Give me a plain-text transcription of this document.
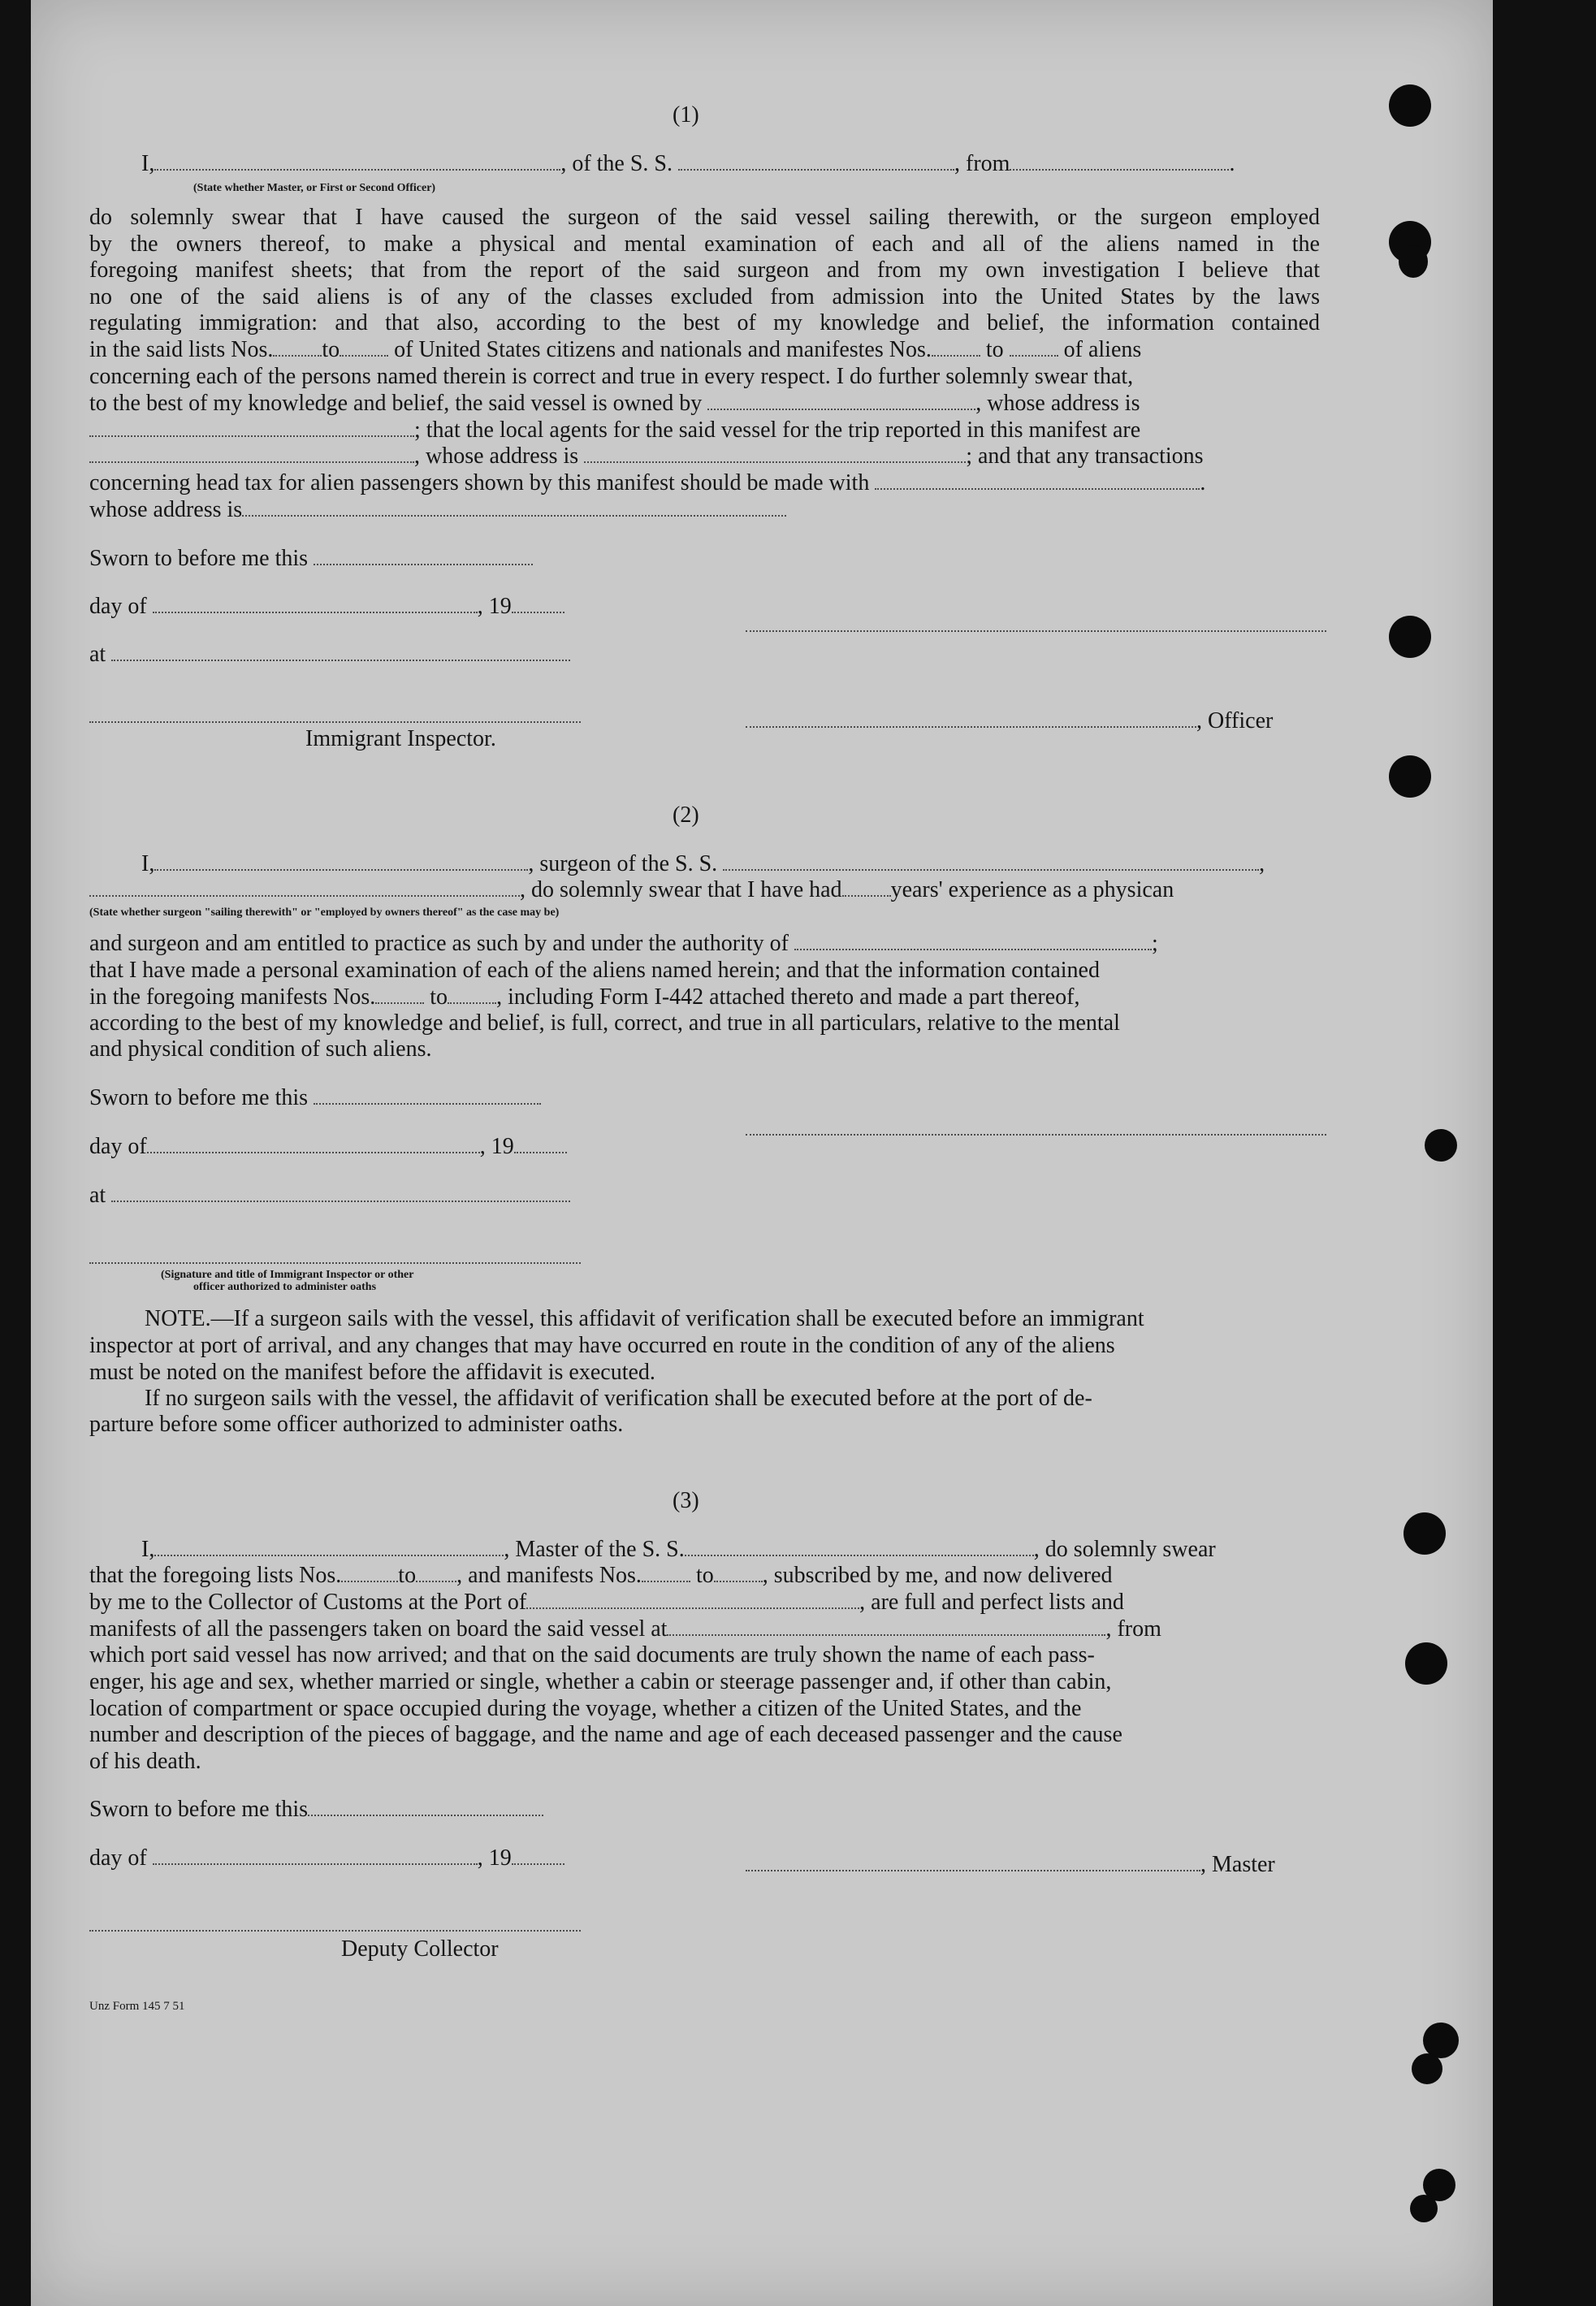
(1)
I,	, of the S. S.	, from	.
(State whether Master, or First or Second Officer)
do solemnly swear that I have caused the surgeon of the said vessel sailing therewith, or the surgeon employed
by the owners thereof, to make a physical and mental examination of each and all of the aliens named in the
foregoing manifest sheets; that from the report of the said surgeon and from my own investigation I believe that
no one of the said aliens is of any of the classes excluded from admission into the United States by the laws
regulating immigration: and that also, according to the best of my knowledge and belief, the information contained
in the said lists Nos. to of United States citizens and nationals and manifestes Nos. to	of aliens
concerning each of the persons named therein is correct and true in every respect. I do further solemnly swear that,
to the best of my knowledge and belief, the said vessel is owned by	, whose address is
; that the local agents for the said vessel for the trip reported in this manifest are
, whose address is	; and that any transactions
concerning head tax for alien passengers shown by this manifest should be made with	.
whose address is
Sworn to before me this
day of	, 19
at
, Officer
Immigrant Inspector.
(2)
I,	, surgeon of the S. S.	,
, do solemnly swear that I have had years' experience as a physican
(State whether surgeon "sailing therewith" or "employed by owners thereof" as the case may be)
and surgeon and am entitled to practice as such by and under the authority of	;
that I have made a personal examination of each of the aliens named herein; and that the information contained
in the foregoing manifests Nos. to , including Form I-442 attached thereto and made a part thereof,
according to the best of my knowledge and belief, is full, correct, and true in all particulars, relative to the mental
and physical condition of such aliens.
Sworn to before me this
day of	, 19
at
(Signature and title of Immigrant Inspector or other
officer authorized to administer oaths
NOTE.—If a surgeon sails with the vessel, this affidavit of verification shall be executed before an immigrant
inspector at port of arrival, and any changes that may have occurred en route in the condition of any of the aliens
must be noted on the manifest before the affidavit is executed.
If no surgeon sails with the vessel, the affidavit of verification shall be executed before at the port of de-
parture before some officer authorized to administer oaths.
(3)
I,	, Master of the S. S.	, do solemnly swear
that the foregoing lists Nos.	to , and manifests Nos. to , subscribed by me, and now delivered
by me to the Collector of Customs at the Port of	, are full and perfect lists and
manifests of all the passengers taken on board the said vessel at	, from
which port said vessel has now arrived; and that on the said documents are truly shown the name of each pass-
enger, his age and sex, whether married or single, whether a cabin or steerage passenger and, if other than cabin,
location of compartment or space occupied during the voyage, whether a citizen of the United States, and the
number and description of the pieces of baggage, and the name and age of each deceased passenger and the cause
of his death.
Sworn to before me this
day of	, 19	, Master
Deputy Collector
Unz Form 145 7 51
